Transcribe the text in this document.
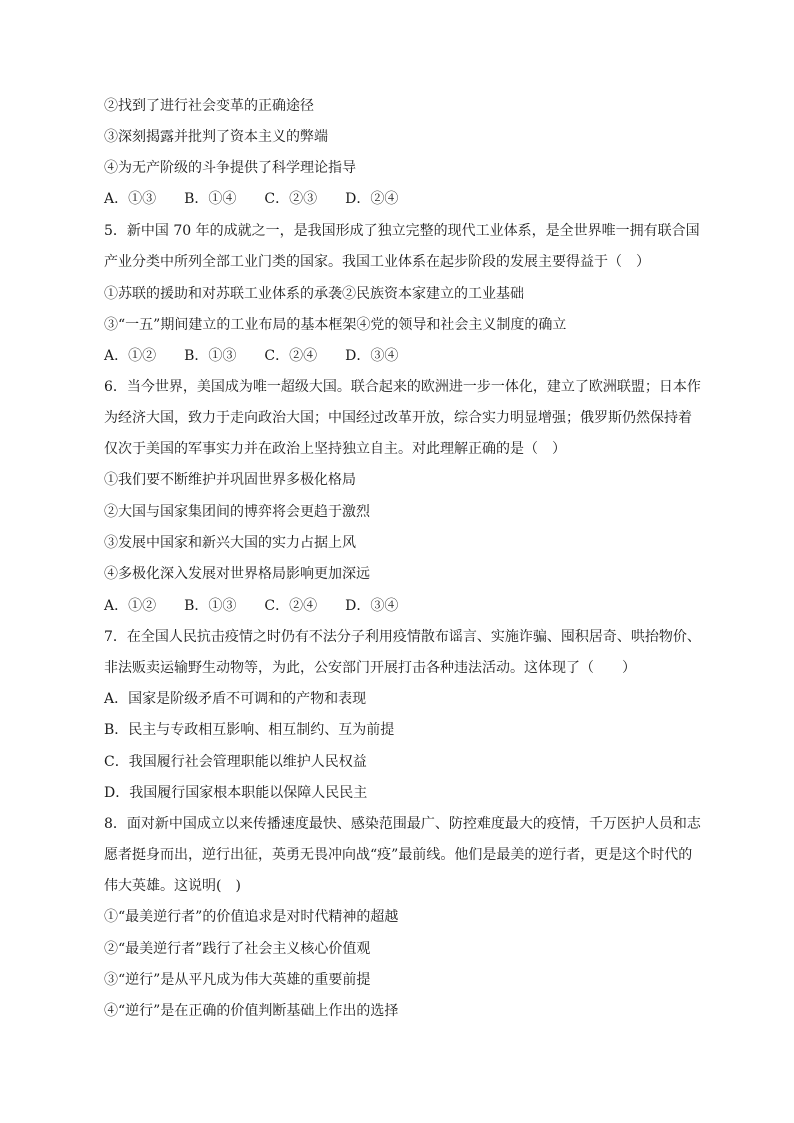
②找到了进行社会变革的正确途径
③深刻揭露并批判了资本主义的弊端
④为无产阶级的斗争提供了科学理论指导
A．①③ B．①④ C．②③ D．②④
5．新中国 70 年的成就之一，是我国形成了独立完整的现代工业体系，是全世界唯一拥有联合国
产业分类中所列全部工业门类的国家。我国工业体系在起步阶段的发展主要得益于（　）
①苏联的援助和对苏联工业体系的承袭②民族资本家建立的工业基础
③“一五”期间建立的工业布局的基本框架④党的领导和社会主义制度的确立
A．①② B．①③ C．②④ D．③④
6．当今世界，美国成为唯一超级大国。联合起来的欧洲进一步一体化，建立了欧洲联盟；日本作
为经济大国，致力于走向政治大国；中国经过改革开放，综合实力明显增强；俄罗斯仍然保持着
仅次于美国的军事实力并在政治上坚持独立自主。对此理解正确的是（　）
①我们要不断维护并巩固世界多极化格局
②大国与国家集团间的博弈将会更趋于激烈
③发展中国家和新兴大国的实力占据上风
④多极化深入发展对世界格局影响更加深远
A．①② B．①③ C．②④ D．③④
7．在全国人民抗击疫情之时仍有不法分子利用疫情散布谣言、实施诈骗、囤积居奇、哄抬物价、
非法贩卖运输野生动物等，为此，公安部门开展打击各种违法活动。这体现了（　　）
A．国家是阶级矛盾不可调和的产物和表现
B．民主与专政相互影响、相互制约、互为前提
C．我国履行社会管理职能以维护人民权益
D．我国履行国家根本职能以保障人民民主
8．面对新中国成立以来传播速度最快、感染范围最广、防控难度最大的疫情，千万医护人员和志
愿者挺身而出，逆行出征，英勇无畏冲向战“疫”最前线。他们是最美的逆行者，更是这个时代的
伟大英雄。这说明(　)
①“最美逆行者”的价值追求是对时代精神的超越
②“最美逆行者”践行了社会主义核心价值观
③“逆行”是从平凡成为伟大英雄的重要前提
④“逆行”是在正确的价值判断基础上作出的选择
